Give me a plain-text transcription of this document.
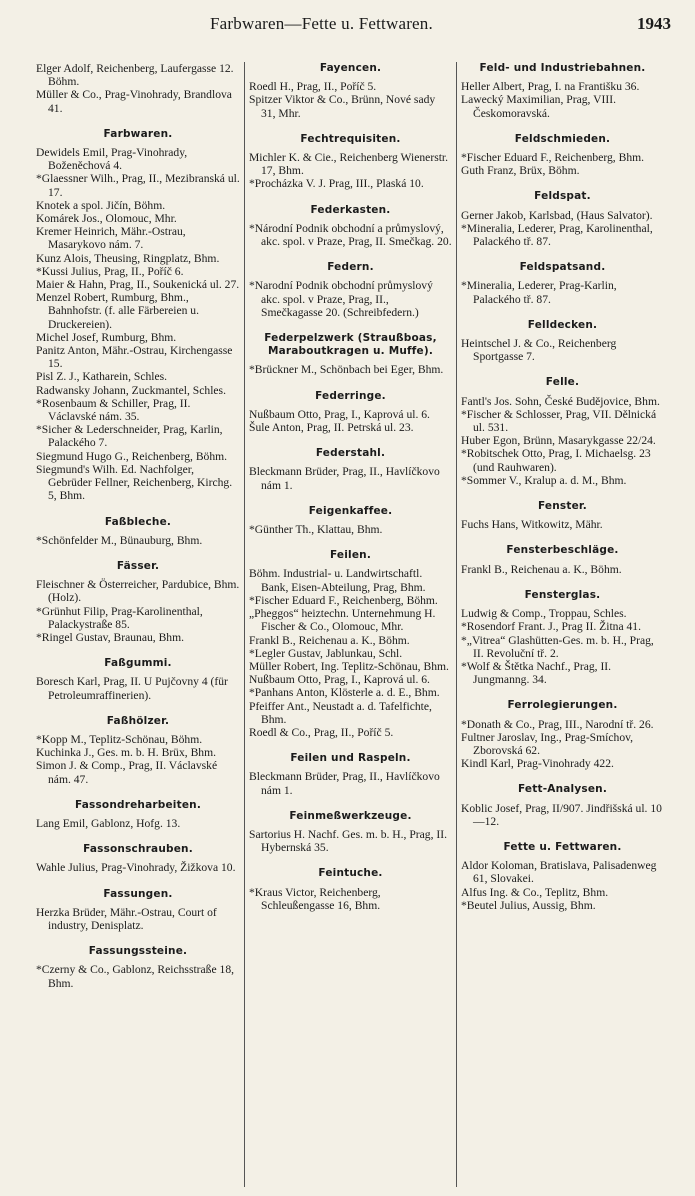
Farbwaren—Fette u. Fettwaren.	1943
Elger Adolf, Reichenberg, Laufergasse 12. Böhm.
Müller & Co., Prag-Vinohrady, Brandlova 41.
Farbwaren.
Dewidels Emil, Prag-Vinohrady, Boženěchová 4.
*Glaessner Wilh., Prag, II., Mezibranská ul. 17.
Knotek a spol. Jičín, Böhm.
Komárek Jos., Olomouc, Mhr.
Kremer Heinrich, Mähr.-Ostrau, Masarykovo nám. 7.
Kunz Alois, Theusing, Ringplatz, Bhm.
*Kussi Julius, Prag, II., Poříč 6.
Maier & Hahn, Prag, II., Soukenická ul. 27.
Menzel Robert, Rumburg, Bhm., Bahnhofstr. (f. alle Färbereien u. Druckereien).
Michel Josef, Rumburg, Bhm.
Panitz Anton, Mähr.-Ostrau, Kirchengasse 15.
Pisl Z. J., Katharein, Schles.
Radwansky Johann, Zuckmantel, Schles.
*Rosenbaum & Schiller, Prag, II. Václavské nám. 35.
*Sicher & Lederschneider, Prag, Karlin, Palackého 7.
Siegmund Hugo G., Reichenberg, Böhm.
Siegmund's Wilh. Ed. Nachfolger, Gebrüder Fellner, Reichenberg, Kirchg. 5, Bhm.
Faßbleche.
*Schönfelder M., Bünauburg, Bhm.
Fässer.
Fleischner & Österreicher, Pardubice, Bhm. (Holz).
*Grünhut Filip, Prag-Karolinenthal, Palackystraße 85.
*Ringel Gustav, Braunau, Bhm.
Faßgummi.
Boresch Karl, Prag, II. U Pujčovny 4 (für Petroleumraffinerien).
Faßhölzer.
*Kopp M., Teplitz-Schönau, Böhm.
Kuchinka J., Ges. m. b. H. Brüx, Bhm.
Simon J. & Comp., Prag, II. Václavské nám. 47.
Fassondreharbeiten.
Lang Emil, Gablonz, Hofg. 13.
Fassonschrauben.
Wahle Julius, Prag-Vinohrady, Žižkova 10.
Fassungen.
Herzka Brüder, Mähr.-Ostrau, Court of industry, Denisplatz.
Fassungssteine.
*Czerny & Co., Gablonz, Reichsstraße 18, Bhm.
Fayencen.
Roedl H., Prag, II., Poříč 5.
Spitzer Viktor & Co., Brünn, Nové sady 31, Mhr.
Fechtrequisiten.
Michler K. & Cie., Reichenberg Wienerstr. 17, Bhm.
*Procházka V. J. Prag, III., Plaská 10.
Federkasten.
*Národní Podnik obchodní a průmyslový, akc. spol. v Praze, Prag, II. Smečkag. 20.
Federn.
*Narodní Podnik obchodní průmyslový akc. spol. v Praze, Prag, II., Smečkagasse 20. (Schreibfedern.)
Federpelzwerk (Straußboas, Maraboutkragen u. Muffe).
*Brückner M., Schönbach bei Eger, Bhm.
Federringe.
Nußbaum Otto, Prag, I., Kaprová ul. 6.
Šule Anton, Prag, II. Petrská ul. 23.
Federstahl.
Bleckmann Brüder, Prag, II., Havlíčkovo nám 1.
Feigenkaffee.
*Günther Th., Klattau, Bhm.
Feilen.
Böhm. Industrial- u. Landwirtschaftl. Bank, Eisen-Abteilung, Prag, Bhm.
*Fischer Eduard F., Reichenberg, Böhm.
„Pheggos“ heiztechn. Unternehmung H. Fischer & Co., Olomouc, Mhr.
Frankl B., Reichenau a. K., Böhm.
*Legler Gustav, Jablunkau, Schl.
Müller Robert, Ing. Teplitz-Schönau, Bhm.
Nußbaum Otto, Prag, I., Kaprová ul. 6.
*Panhans Anton, Klösterle a. d. E., Bhm.
Pfeiffer Ant., Neustadt a. d. Tafelfichte, Bhm.
Roedl & Co., Prag, II., Poříč 5.
Feilen und Raspeln.
Bleckmann Brüder, Prag, II., Havlíčkovo nám 1.
Feinmeßwerkzeuge.
Sartorius H. Nachf. Ges. m. b. H., Prag, II. Hybernská 35.
Feintuche.
*Kraus Victor, Reichenberg, Schleußengasse 16, Bhm.
Feld- und Industriebahnen.
Heller Albert, Prag, I. na Františku 36.
Lawecký Maximilian, Prag, VIII. Českomoravská.
Feldschmieden.
*Fischer Eduard F., Reichenberg, Bhm.
Guth Franz, Brüx, Böhm.
Feldspat.
Gerner Jakob, Karlsbad, (Haus Salvator).
*Mineralia, Lederer, Prag, Karolinenthal, Palackého tř. 87.
Feldspatsand.
*Mineralia, Lederer, Prag-Karlin, Palackého tř. 87.
Felldecken.
Heintschel J. & Co., Reichenberg Sportgasse 7.
Felle.
Fantl's Jos. Sohn, České Budějovice, Bhm.
*Fischer & Schlosser, Prag, VII. Dělnická ul. 531.
Huber Egon, Brünn, Masarykgasse 22/24.
*Robitschek Otto, Prag, I. Michaelsg. 23 (und Rauhwaren).
*Sommer V., Kralup a. d. M., Bhm.
Fenster.
Fuchs Hans, Witkowitz, Mähr.
Fensterbeschläge.
Frankl B., Reichenau a. K., Böhm.
Fensterglas.
Ludwig & Comp., Troppau, Schles.
*Rosendorf Frant. J., Prag II. Žitna 41.
*„Vitrea“ Glashütten-Ges. m. b. H., Prag, II. Revoluční tř. 2.
*Wolf & Štětka Nachf., Prag, II. Jungmanng. 34.
Ferrolegierungen.
*Donath & Co., Prag, III., Narodní tř. 26.
Fultner Jaroslav, Ing., Prag-Smíchov, Zborovská 62.
Kindl Karl, Prag-Vinohrady 422.
Fett-Analysen.
Koblic Josef, Prag, II/907. Jindřišská ul. 10—12.
Fette u. Fettwaren.
Aldor Koloman, Bratislava, Palisadenweg 61, Slovakei.
Alfus Ing. & Co., Teplitz, Bhm.
*Beutel Julius, Aussig, Bhm.
